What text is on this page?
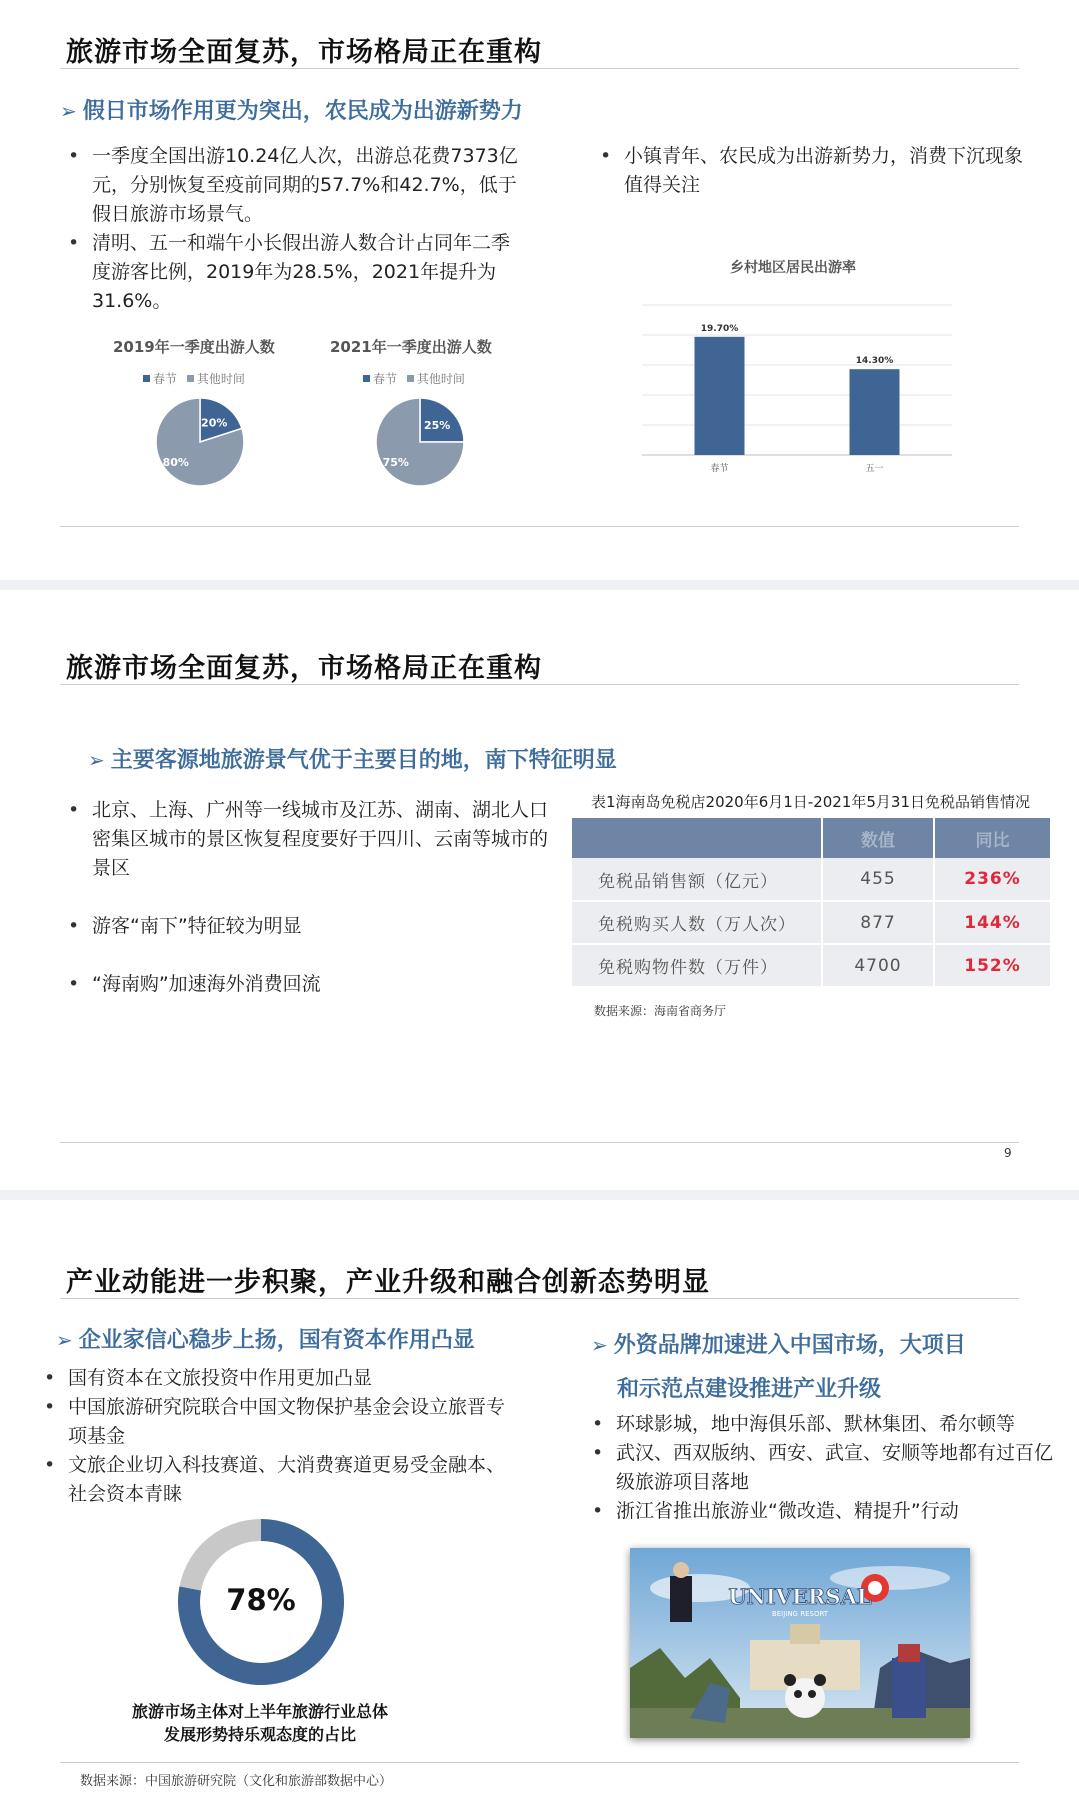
旅游市场全面复苏，市场格局正在重构
➢ 假日市场作用更为突出，农民成为出游新势力
• 一季度全国出游10.24亿人次，出游总花费7373亿元，分别恢复至疫前同期的57.7%和42.7%，低于假日旅游市场景气。
• 清明、五一和端午小长假出游人数合计占同年二季度游客比例，2019年为28.5%，2021年提升为31.6%。
• 小镇青年、农民成为出游新势力，消费下沉现象值得关注
2019年一季度出游人数
春节 其他时间
20%
80%
2021年一季度出游人数
春节 其他时间
25%
75%
乡村地区居民出游率
19.70%
春节
14.30%
五一
旅游市场全面复苏，市场格局正在重构
➢ 主要客源地旅游景气优于主要目的地，南下特征明显
• 北京、上海、广州等一线城市及江苏、湖南、湖北人口密集区城市的景区恢复程度要好于四川、云南等城市的景区
• 游客“南下”特征较为明显
• “海南购”加速海外消费回流
表1海南岛免税店2020年6月1日-2021年5月31日免税品销售情况
	数值	同比
免税品销售额（亿元）	455	236%
免税购买人数（万人次）	877	144%
免税购物件数（万件）	4700	152%
数据来源：海南省商务厅
9
产业动能进一步积聚，产业升级和融合创新态势明显
➢ 企业家信心稳步上扬，国有资本作用凸显
• 国有资本在文旅投资中作用更加凸显
• 中国旅游研究院联合中国文物保护基金会设立旅晋专项基金
• 文旅企业切入科技赛道、大消费赛道更易受金融本、社会资本青睐
78%
旅游市场主体对上半年旅游行业总体
发展形势持乐观态度的占比
➢ 外资品牌加速进入中国市场，大项目
和示范点建设推进产业升级
• 环球影城，地中海俱乐部、默林集团、希尔顿等
• 武汉、西双版纳、西安、武宣、安顺等地都有过百亿级旅游项目落地
• 浙江省推出旅游业“微改造、精提升”行动
UNIVERSAL
BEIJING RESORT
数据来源：中国旅游研究院（文化和旅游部数据中心）
